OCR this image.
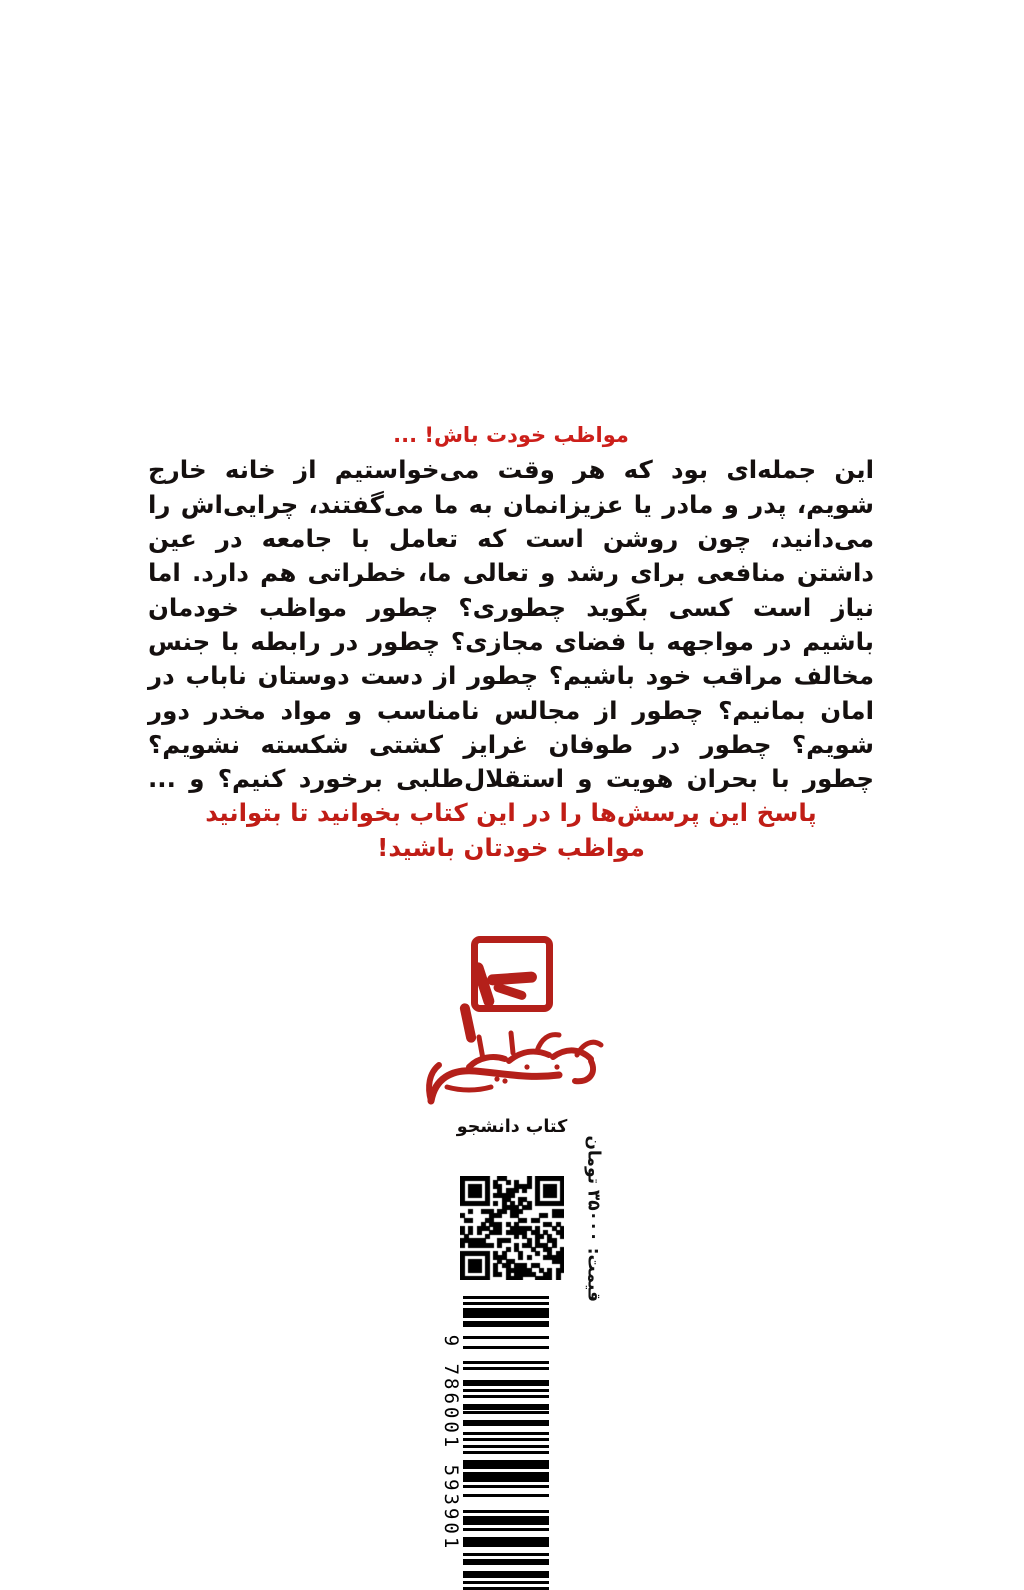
مواظب خودت باش! ...

این جمله‌ای بود که هر وقت می‌خواستیم از خانه خارج شویم، پدر و مادر یا عزیزانمان به ما می‌گفتند، چرایی‌اش را می‌دانید، چون روشن است که تعامل با جامعه در عین داشتن منافعی برای رشد و تعالی ما، خطراتی هم دارد. اما نیاز است کسی بگوید چطوری؟ چطور مواظب خودمان باشیم در مواجهه با فضای مجازی؟ چطور در رابطه با جنس مخالف مراقب خود باشیم؟ چطور از دست دوستان ناباب در امان بمانیم؟ چطور از مجالس نامناسب و مواد مخدر دور شویم؟ چطور در طوفان غرایز کشتی شکسته نشویم؟ چطور با بحران هویت و استقلال‌طلبی برخورد کنیم؟ و ...

پاسخ این پرسش‌ها را در این کتاب بخوانید تا بتوانید
مواظب خودتان باشید!
کتاب دانشجو
9 786001 593901
قیمت: ۳۵۰۰۰ تومان
